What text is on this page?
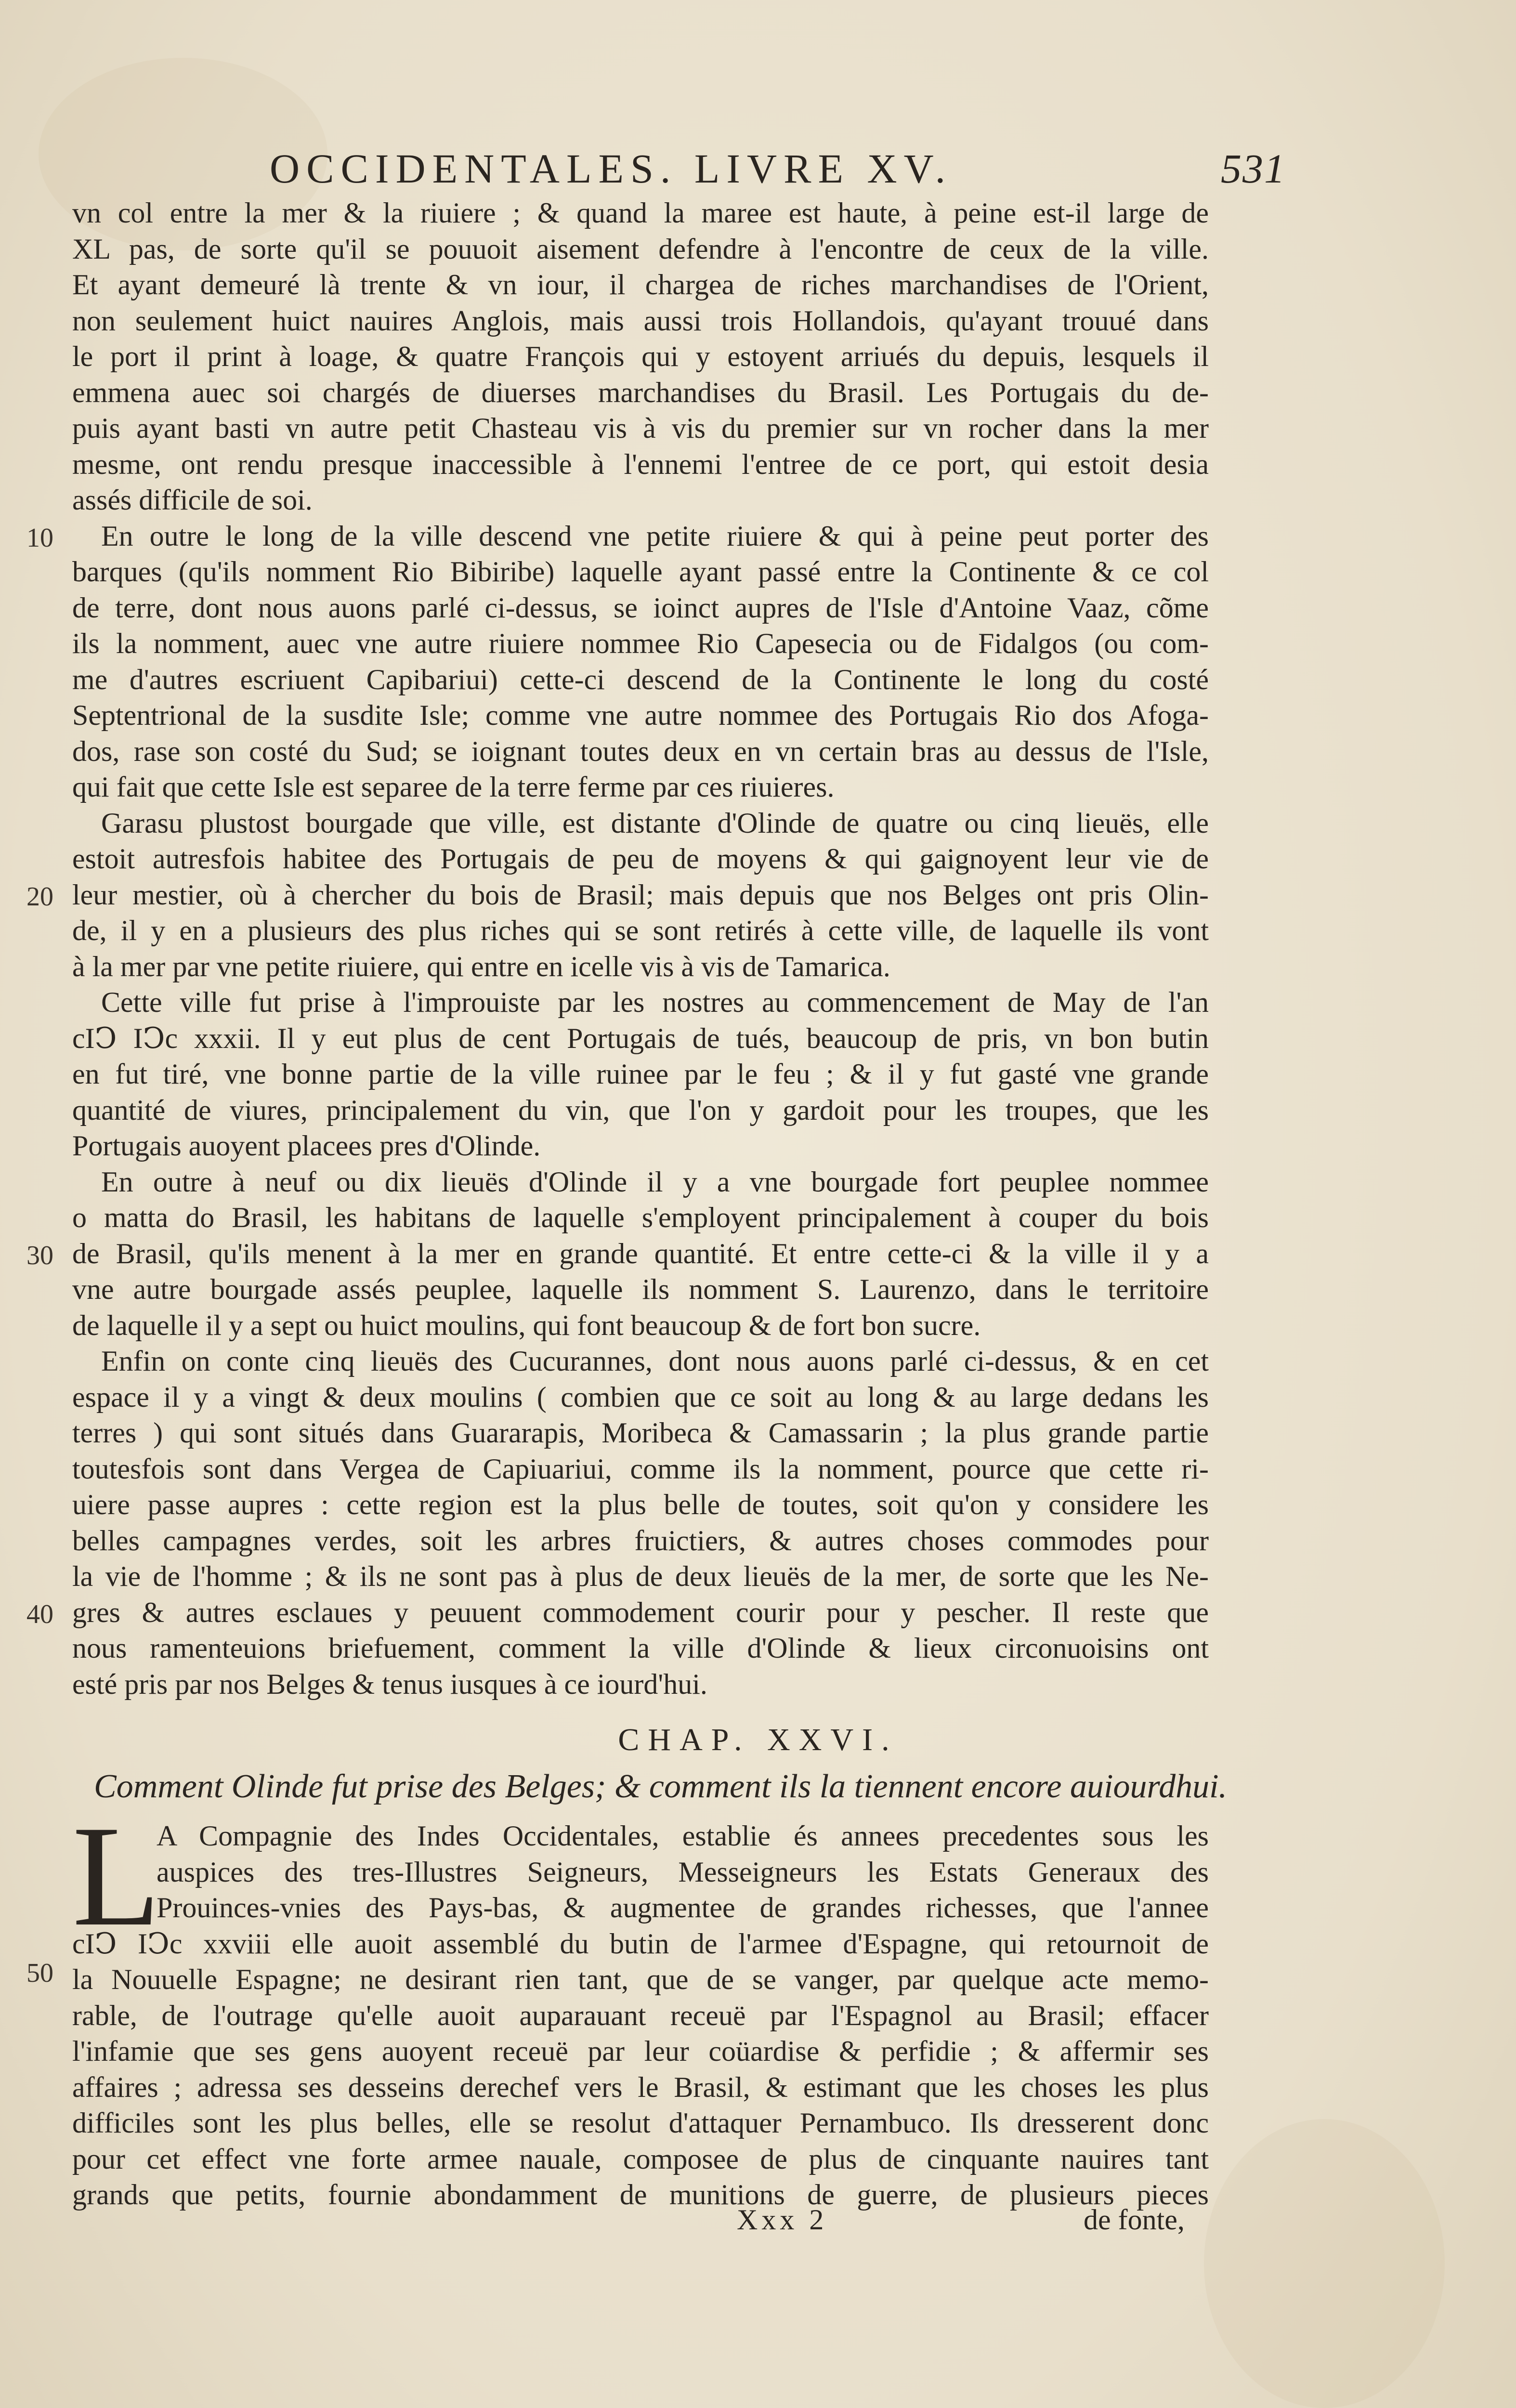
OCCIDENTALES. LIVRE XV.	531
10
20
30
40
50
vn col entre la mer & la riuiere ; & quand la maree est haute, à peine est-il large de
XL pas, de sorte qu'il se pouuoit aisement defendre à l'encontre de ceux de la ville.
Et ayant demeuré là trente & vn iour, il chargea de riches marchandises de l'Orient,
non seulement huict nauires Anglois, mais aussi trois Hollandois, qu'ayant trouué dans
le port il print à loage, & quatre François qui y estoyent arriués du depuis, lesquels il
emmena auec soi chargés de diuerses marchandises du Brasil. Les Portugais du de-
puis ayant basti vn autre petit Chasteau vis à vis du premier sur vn rocher dans la mer
mesme, ont rendu presque inaccessible à l'ennemi l'entree de ce port, qui estoit desia
assés difficile de soi.
En outre le long de la ville descend vne petite riuiere & qui à peine peut porter des
barques (qu'ils nomment Rio Bibiribe) laquelle ayant passé entre la Continente & ce col
de terre, dont nous auons parlé ci-dessus, se ioinct aupres de l'Isle d'Antoine Vaaz, cõme
ils la nomment, auec vne autre riuiere nommee Rio Capesecia ou de Fidalgos (ou com-
me d'autres escriuent Capibariui) cette-ci descend de la Continente le long du costé
Septentrional de la susdite Isle; comme vne autre nommee des Portugais Rio dos Afoga-
dos, rase son costé du Sud; se ioignant toutes deux en vn certain bras au dessus de l'Isle,
qui fait que cette Isle est separee de la terre ferme par ces riuieres.
Garasu plustost bourgade que ville, est distante d'Olinde de quatre ou cinq lieuës, elle
estoit autresfois habitee des Portugais de peu de moyens & qui gaignoyent leur vie de
leur mestier, où à chercher du bois de Brasil; mais depuis que nos Belges ont pris Olin-
de, il y en a plusieurs des plus riches qui se sont retirés à cette ville, de laquelle ils vont
à la mer par vne petite riuiere, qui entre en icelle vis à vis de Tamarica.
Cette ville fut prise à l'improuiste par les nostres au commencement de May de l'an
cIↃ IↃc xxxii. Il y eut plus de cent Portugais de tués, beaucoup de pris, vn bon butin
en fut tiré, vne bonne partie de la ville ruinee par le feu ; & il y fut gasté vne grande
quantité de viures, principalement du vin, que l'on y gardoit pour les troupes, que les
Portugais auoyent placees pres d'Olinde.
En outre à neuf ou dix lieuës d'Olinde il y a vne bourgade fort peuplee nommee
o matta do Brasil, les habitans de laquelle s'employent principalement à couper du bois
de Brasil, qu'ils menent à la mer en grande quantité. Et entre cette-ci & la ville il y a
vne autre bourgade assés peuplee, laquelle ils nomment S. Laurenzo, dans le territoire
de laquelle il y a sept ou huict moulins, qui font beaucoup & de fort bon sucre.
Enfin on conte cinq lieuës des Cucurannes, dont nous auons parlé ci-dessus, & en cet
espace il y a vingt & deux moulins ( combien que ce soit au long & au large dedans les
terres ) qui sont situés dans Guararapis, Moribeca & Camassarin ; la plus grande partie
toutesfois sont dans Vergea de Capiuariui, comme ils la nomment, pource que cette ri-
uiere passe aupres : cette region est la plus belle de toutes, soit qu'on y considere les
belles campagnes verdes, soit les arbres fruictiers, & autres choses commodes pour
la vie de l'homme ; & ils ne sont pas à plus de deux lieuës de la mer, de sorte que les Ne-
gres & autres esclaues y peuuent commodement courir pour y pescher. Il reste que
nous ramenteuions briefuement, comment la ville d'Olinde & lieux circonuoisins ont
esté pris par nos Belges & tenus iusques à ce iourd'hui.
CHAP. XXVI.
Comment Olinde fut prise des Belges; & comment ils la tiennent encore auiourdhui.
L
A Compagnie des Indes Occidentales, establie és annees precedentes sous les
auspices des tres-Illustres Seigneurs, Messeigneurs les Estats Generaux des
Prouinces-vnies des Pays-bas, & augmentee de grandes richesses, que l'annee
cIↃ IↃc xxviii elle auoit assemblé du butin de l'armee d'Espagne, qui retournoit de
la Nouuelle Espagne; ne desirant rien tant, que de se vanger, par quelque acte memo-
rable, de l'outrage qu'elle auoit auparauant receuë par l'Espagnol au Brasil; effacer
l'infamie que ses gens auoyent receuë par leur coüardise & perfidie ; & affermir ses
affaires ; adressa ses desseins derechef vers le Brasil, & estimant que les choses les plus
difficiles sont les plus belles, elle se resolut d'attaquer Pernambuco. Ils dresserent donc
pour cet effect vne forte armee nauale, composee de plus de cinquante nauires tant
grands que petits, fournie abondamment de munitions de guerre, de plusieurs pieces
Xxx 2	de fonte,
